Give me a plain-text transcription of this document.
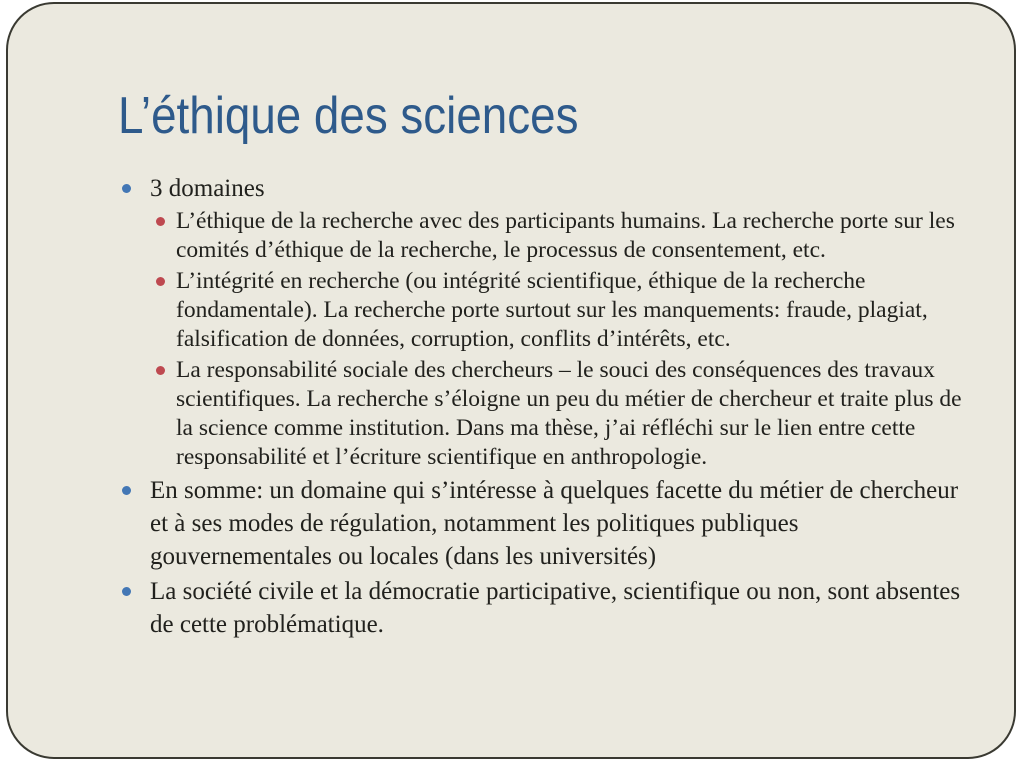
L’éthique des sciences

3 domaines

L’éthique de la recherche avec des participants humains. La recherche porte sur les comités d’éthique de la recherche, le processus de consentement, etc.

L’intégrité en recherche (ou intégrité scientifique, éthique de la recherche fondamentale). La recherche porte surtout sur les manquements: fraude, plagiat, falsification de données, corruption, conflits d’intérêts, etc.

La responsabilité sociale des chercheurs – le souci des conséquences des travaux scientifiques. La recherche s’éloigne un peu du métier de chercheur et traite plus de la science comme institution. Dans ma thèse, j’ai réfléchi sur le lien entre cette responsabilité et l’écriture scientifique en anthropologie.

En somme: un domaine qui s’intéresse à quelques facette du métier de chercheur et à ses modes de régulation, notamment les politiques publiques gouvernementales ou locales (dans les universités)

La société civile et la démocratie participative, scientifique ou non, sont absentes de cette problématique.
